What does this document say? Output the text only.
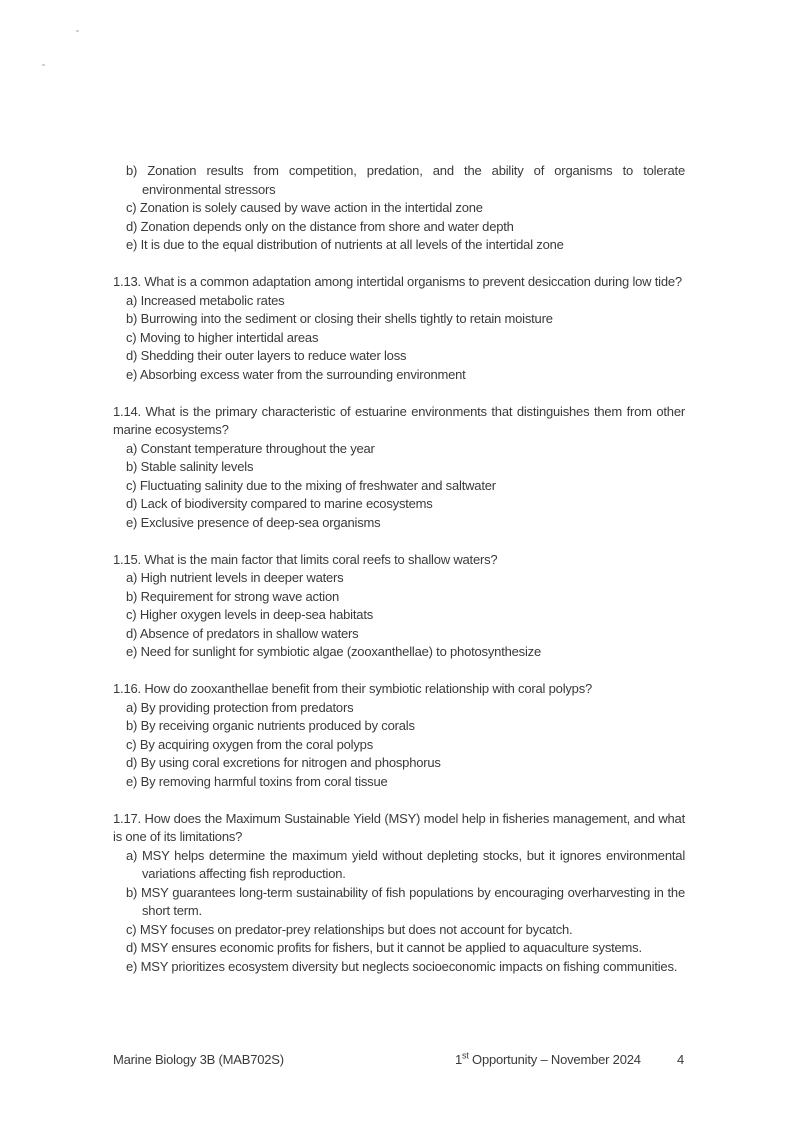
b) Zonation results from competition, predation, and the ability of organisms to tolerate environmental stressors

c) Zonation is solely caused by wave action in the intertidal zone

d) Zonation depends only on the distance from shore and water depth

e) It is due to the equal distribution of nutrients at all levels of the intertidal zone

1.13. What is a common adaptation among intertidal organisms to prevent desiccation during low tide?

a) Increased metabolic rates

b) Burrowing into the sediment or closing their shells tightly to retain moisture

c) Moving to higher intertidal areas

d) Shedding their outer layers to reduce water loss

e) Absorbing excess water from the surrounding environment

1.14. What is the primary characteristic of estuarine environments that distinguishes them from other marine ecosystems?

a) Constant temperature throughout the year

b) Stable salinity levels

c) Fluctuating salinity due to the mixing of freshwater and saltwater

d) Lack of biodiversity compared to marine ecosystems

e) Exclusive presence of deep-sea organisms

1.15. What is the main factor that limits coral reefs to shallow waters?

a) High nutrient levels in deeper waters

b) Requirement for strong wave action

c) Higher oxygen levels in deep-sea habitats

d) Absence of predators in shallow waters

e) Need for sunlight for symbiotic algae (zooxanthellae) to photosynthesize

1.16. How do zooxanthellae benefit from their symbiotic relationship with coral polyps?

a) By providing protection from predators

b) By receiving organic nutrients produced by corals

c) By acquiring oxygen from the coral polyps

d) By using coral excretions for nitrogen and phosphorus

e) By removing harmful toxins from coral tissue

1.17. How does the Maximum Sustainable Yield (MSY) model help in fisheries management, and what is one of its limitations?

a) MSY helps determine the maximum yield without depleting stocks, but it ignores environmental variations affecting fish reproduction.

b) MSY guarantees long-term sustainability of fish populations by encouraging overharvesting in the short term.

c) MSY focuses on predator-prey relationships but does not account for bycatch.

d) MSY ensures economic profits for fishers, but it cannot be applied to aquaculture systems.

e) MSY prioritizes ecosystem diversity but neglects socioeconomic impacts on fishing communities.

Marine Biology 3B (MAB702S)	1st Opportunity – November 2024	4
